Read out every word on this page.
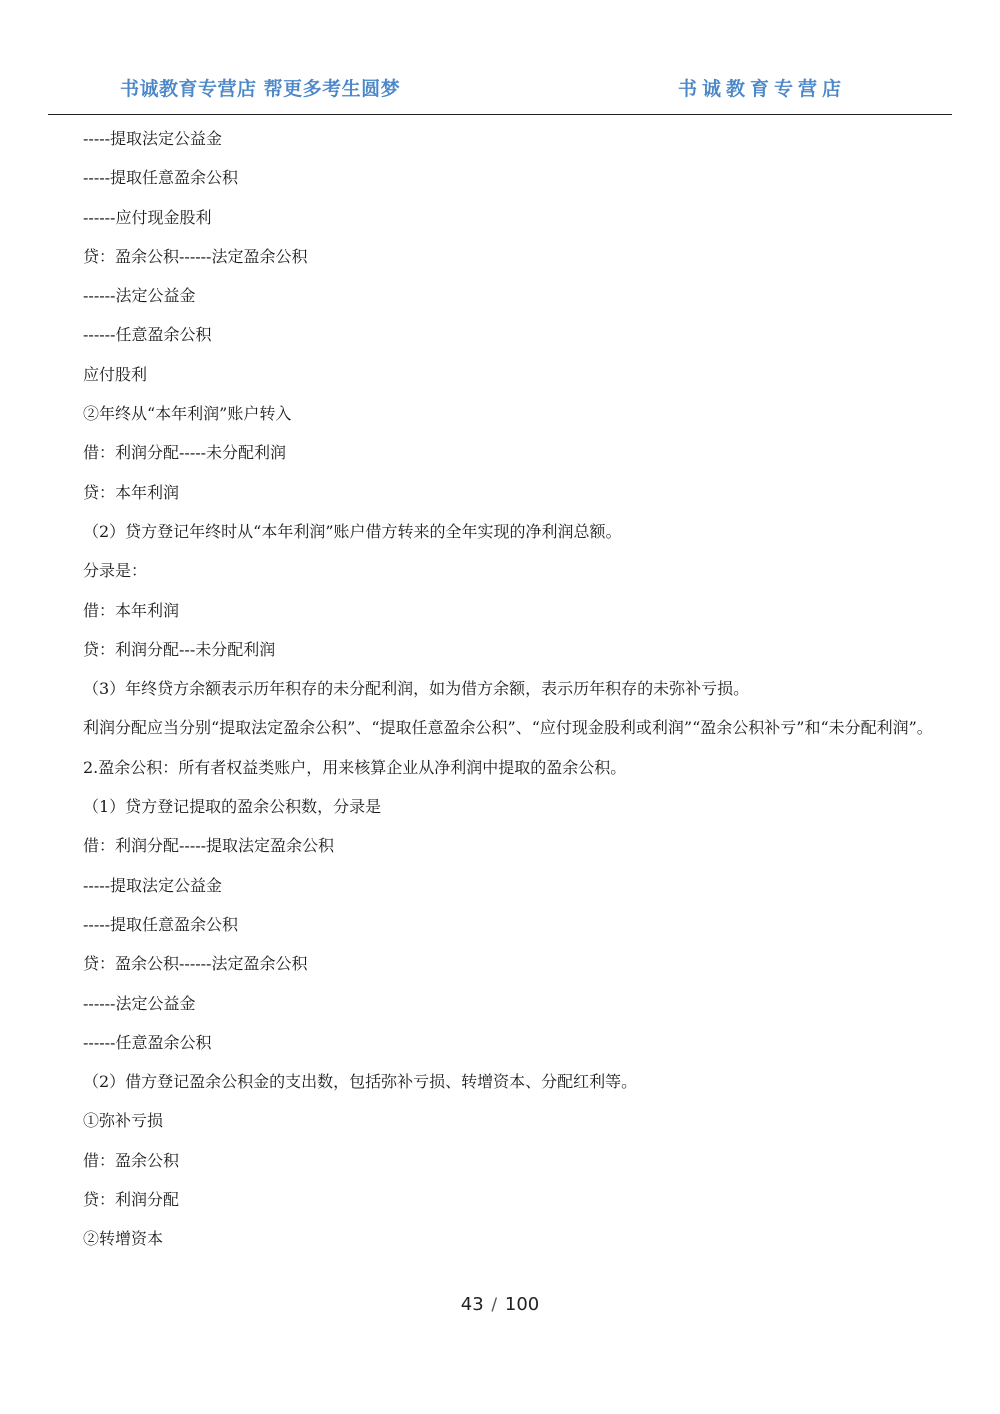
书诚教育专营店 帮更多考生圆梦	书诚教育专营店
-----提取法定公益金
-----提取任意盈余公积
------应付现金股利
贷：盈余公积------法定盈余公积
------法定公益金
------任意盈余公积
应付股利
②年终从“本年利润”账户转入
借：利润分配-----未分配利润
贷：本年利润
（2）贷方登记年终时从“本年利润”账户借方转来的全年实现的净利润总额。
分录是：
借：本年利润
贷：利润分配---未分配利润
（3）年终贷方余额表示历年积存的未分配利润，如为借方余额，表示历年积存的未弥补亏损。
利润分配应当分别“提取法定盈余公积”、“提取任意盈余公积”、“应付现金股利或利润”“盈余公积补亏”和“未分配利润”。
2.盈余公积：所有者权益类账户，用来核算企业从净利润中提取的盈余公积。
（1）贷方登记提取的盈余公积数，分录是
借：利润分配-----提取法定盈余公积
-----提取法定公益金
-----提取任意盈余公积
贷：盈余公积------法定盈余公积
------法定公益金
------任意盈余公积
（2）借方登记盈余公积金的支出数，包括弥补亏损、转增资本、分配红利等。
①弥补亏损
借：盈余公积
贷：利润分配
②转增资本
43 / 100
